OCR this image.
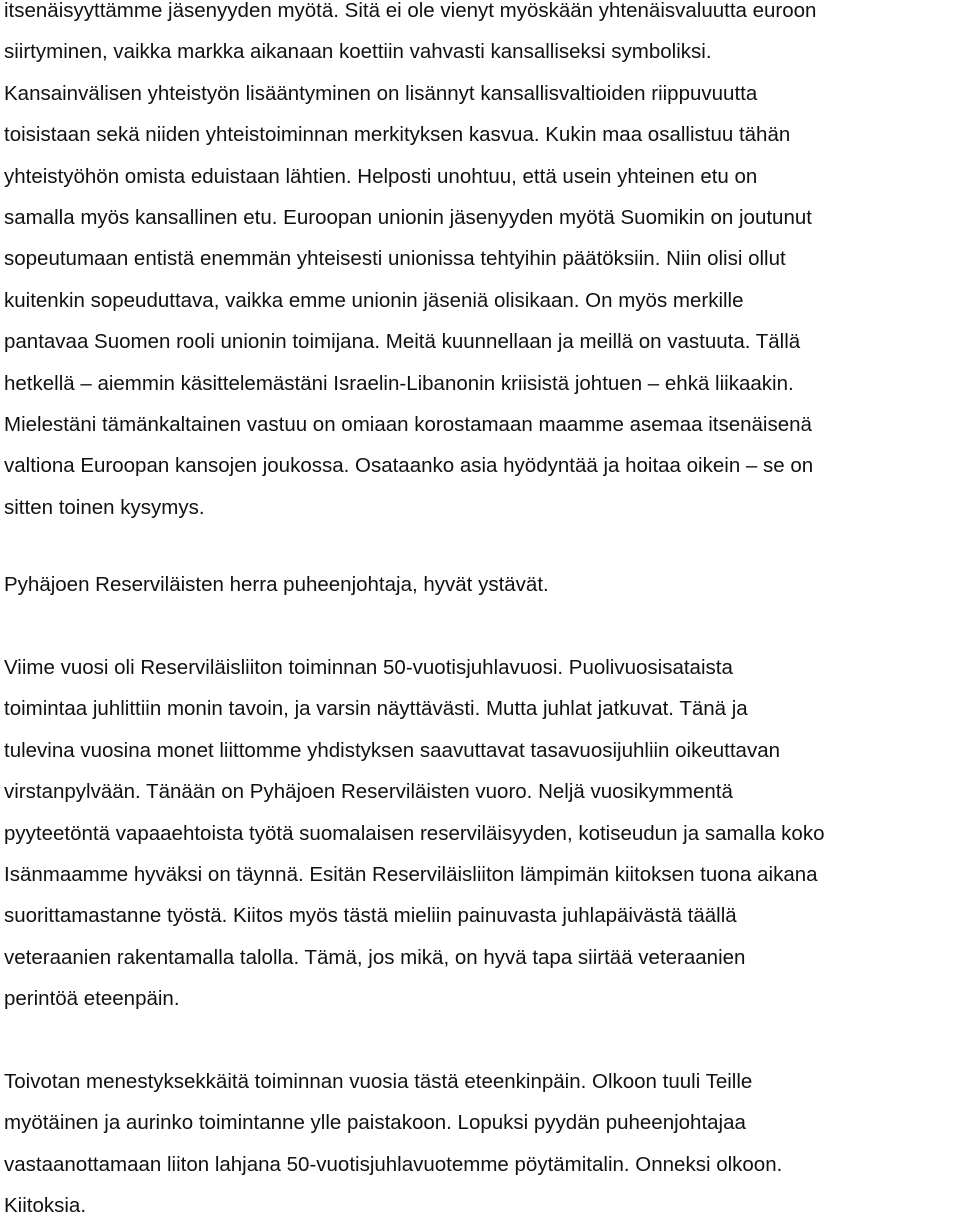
itsenäisyyttämme jäsenyyden myötä. Sitä ei ole vienyt myöskään yhtenäisvaluutta euroon
siirtyminen, vaikka markka aikanaan koettiin vahvasti kansalliseksi symboliksi.
Kansainvälisen yhteistyön lisääntyminen on lisännyt kansallisvaltioiden riippuvuutta
toisistaan sekä niiden yhteistoiminnan merkityksen kasvua. Kukin maa osallistuu tähän
yhteistyöhön omista eduistaan lähtien. Helposti unohtuu, että usein yhteinen etu on
samalla myös kansallinen etu. Euroopan unionin jäsenyyden myötä Suomikin on joutunut
sopeutumaan entistä enemmän yhteisesti unionissa tehtyihin päätöksiin. Niin olisi ollut
kuitenkin sopeuduttava, vaikka emme unionin jäseniä olisikaan. On myös merkille
pantavaa Suomen rooli unionin toimijana. Meitä kuunnellaan ja meillä on vastuuta. Tällä
hetkellä – aiemmin käsittelemästäni Israelin-Libanonin kriisistä johtuen – ehkä liikaakin.
Mielestäni tämänkaltainen vastuu on omiaan korostamaan maamme asemaa itsenäisenä
valtiona Euroopan kansojen joukossa. Osataanko asia hyödyntää ja hoitaa oikein – se on
sitten toinen kysymys.

Pyhäjoen Reserviläisten herra puheenjohtaja, hyvät ystävät.

Viime vuosi oli Reserviläisliiton toiminnan 50-vuotisjuhlavuosi. Puolivuosisataista
toimintaa juhlittiin monin tavoin, ja varsin näyttävästi. Mutta juhlat jatkuvat. Tänä ja
tulevina vuosina monet liittomme yhdistyksen saavuttavat tasavuosijuhliin oikeuttavan
virstanpylvään. Tänään on Pyhäjoen Reserviläisten vuoro. Neljä vuosikymmentä
pyyteetöntä vapaaehtoista työtä suomalaisen reserviläisyyden, kotiseudun ja samalla koko
Isänmaamme hyväksi on täynnä. Esitän Reserviläisliiton lämpimän kiitoksen tuona aikana
suorittamastanne työstä. Kiitos myös tästä mieliin painuvasta juhlapäivästä täällä
veteraanien rakentamalla talolla. Tämä, jos mikä, on hyvä tapa siirtää veteraanien
perintöä eteenpäin.

Toivotan menestyksekkäitä toiminnan vuosia tästä eteenkinpäin. Olkoon tuuli Teille
myötäinen ja aurinko toimintanne ylle paistakoon. Lopuksi pyydän puheenjohtajaa
vastaanottamaan liiton lahjana 50-vuotisjuhlavuotemme pöytämitalin. Onneksi olkoon.
Kiitoksia.
